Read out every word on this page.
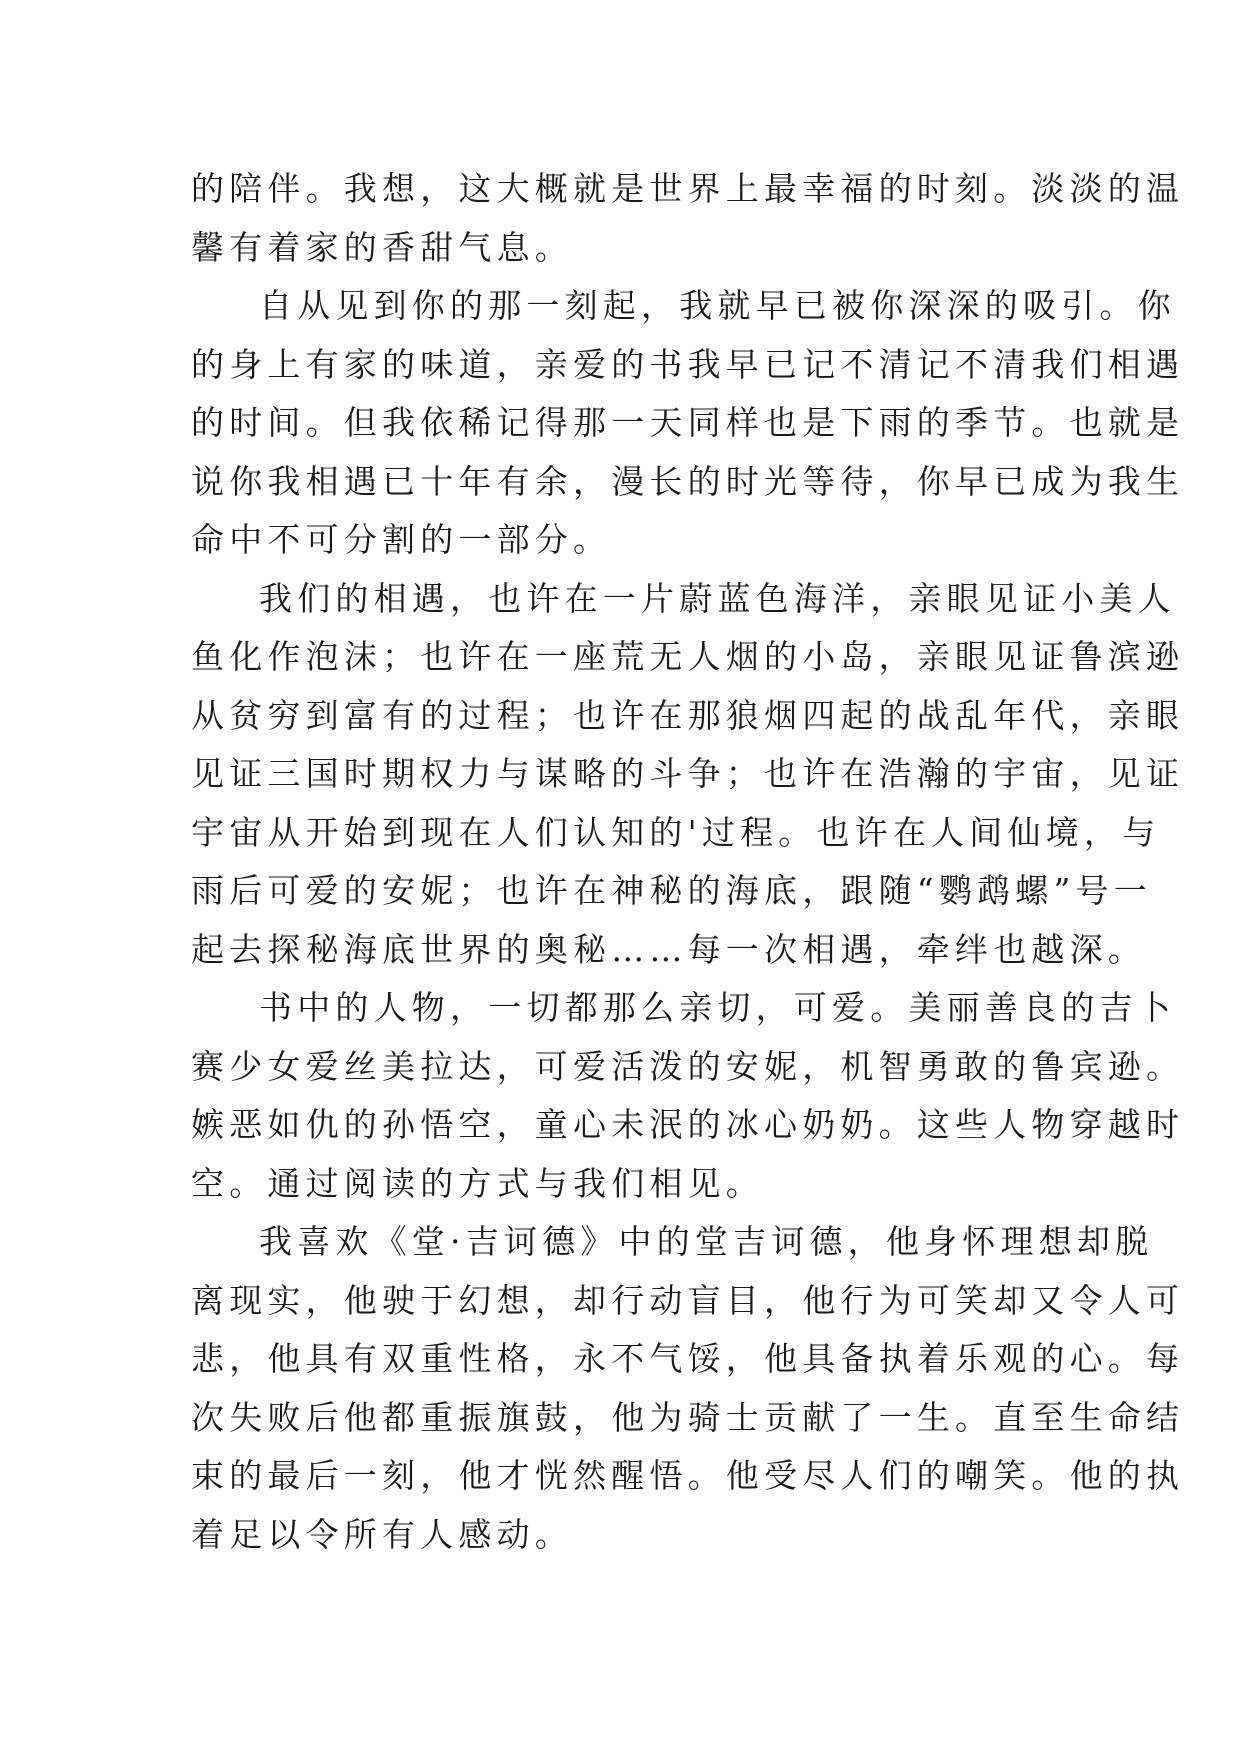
的陪伴。我想，这大概就是世界上最幸福的时刻。淡淡的温
馨有着家的香甜气息。
自从见到你的那一刻起，我就早已被你深深的吸引。你
的身上有家的味道，亲爱的书我早已记不清记不清我们相遇
的时间。但我依稀记得那一天同样也是下雨的季节。也就是
说你我相遇已十年有余，漫长的时光等待，你早已成为我生
命中不可分割的一部分。
我们的相遇，也许在一片蔚蓝色海洋，亲眼见证小美人
鱼化作泡沫；也许在一座荒无人烟的小岛，亲眼见证鲁滨逊
从贫穷到富有的过程；也许在那狼烟四起的战乱年代，亲眼
见证三国时期权力与谋略的斗争；也许在浩瀚的宇宙，见证
宇宙从开始到现在人们认知的'过程。也许在人间仙境，与
雨后可爱的安妮；也许在神秘的海底，跟随“鹦鹉螺”号一
起去探秘海底世界的奥秘……每一次相遇，牵绊也越深。
书中的人物，一切都那么亲切，可爱。美丽善良的吉卜
赛少女爱丝美拉达，可爱活泼的安妮，机智勇敢的鲁宾逊。
嫉恶如仇的孙悟空，童心未泯的冰心奶奶。这些人物穿越时
空。通过阅读的方式与我们相见。
我喜欢《堂·吉诃德》中的堂吉诃德，他身怀理想却脱
离现实，他驶于幻想，却行动盲目，他行为可笑却又令人可
悲，他具有双重性格，永不气馁，他具备执着乐观的心。每
次失败后他都重振旗鼓，他为骑士贡献了一生。直至生命结
束的最后一刻，他才恍然醒悟。他受尽人们的嘲笑。他的执
着足以令所有人感动。
